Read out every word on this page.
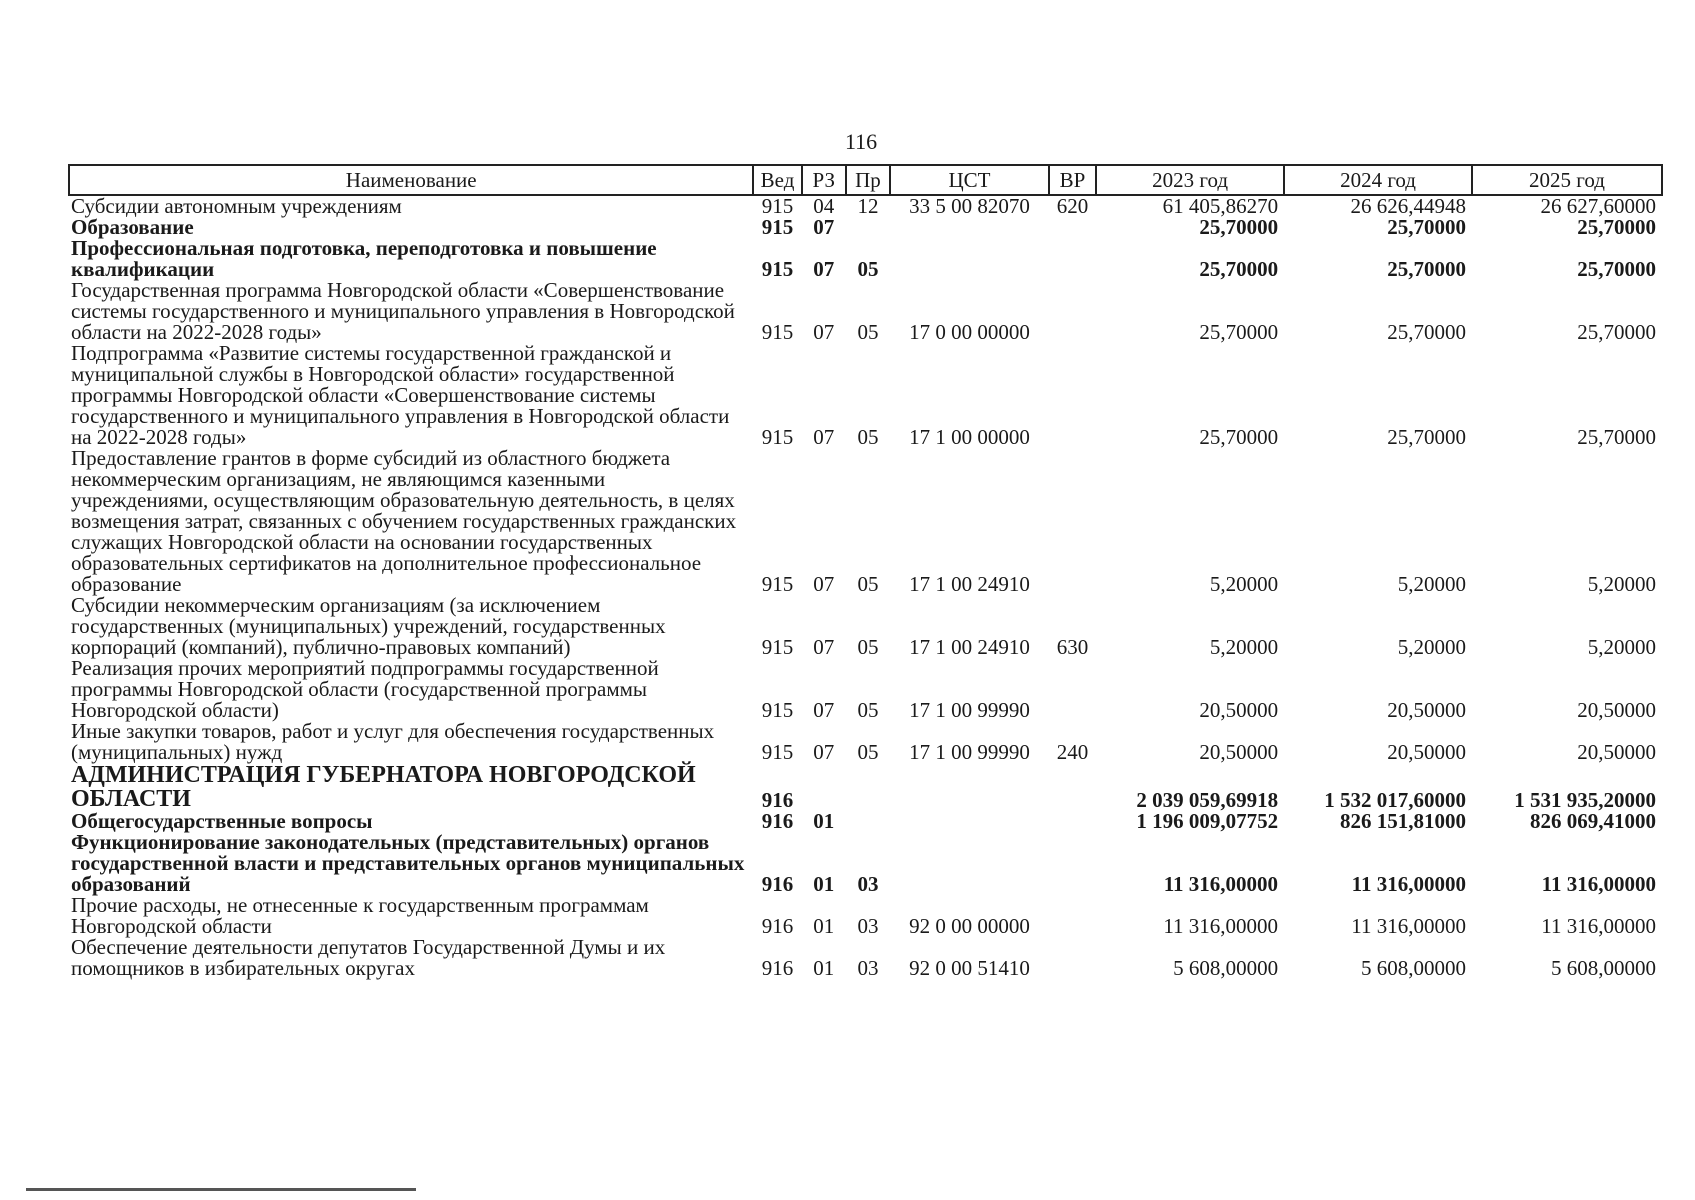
116
Наименование	Вед	РЗ	Пр	ЦСТ	ВР	2023 год	2024 год	2025 год
Субсидии автономным учреждениям	915	04	12	33 5 00 82070	620	61 405,86270	26 626,44948	26 627,60000
Образование	915	07				25,70000	25,70000	25,70000
Профессиональная подготовка, переподготовка и повышение квалификации	915	07	05			25,70000	25,70000	25,70000
Государственная программа Новгородской области «Совершенствование системы государственного и муниципального управления в Новгородской области на 2022-2028 годы»	915	07	05	17 0 00 00000		25,70000	25,70000	25,70000
Подпрограмма «Развитие системы государственной гражданской и муниципальной службы в Новгородской области» государственной программы Новгородской области «Совершенствование системы государственного и муниципального управления в Новгородской области на 2022-2028 годы»	915	07	05	17 1 00 00000		25,70000	25,70000	25,70000
Предоставление грантов в форме субсидий из областного бюджета некоммерческим организациям, не являющимся казенными учреждениями, осуществляющим образовательную деятельность, в целях возмещения затрат, связанных с обучением государственных гражданских служащих Новгородской области на основании государственных образовательных сертификатов на дополнительное профессиональное образование	915	07	05	17 1 00 24910		5,20000	5,20000	5,20000
Субсидии некоммерческим организациям (за исключением государственных (муниципальных) учреждений, государственных корпораций (компаний), публично-правовых компаний)	915	07	05	17 1 00 24910	630	5,20000	5,20000	5,20000
Реализация прочих мероприятий подпрограммы государственной программы Новгородской области (государственной программы Новгородской области)	915	07	05	17 1 00 99990		20,50000	20,50000	20,50000
Иные закупки товаров, работ и услуг для обеспечения государственных (муниципальных) нужд	915	07	05	17 1 00 99990	240	20,50000	20,50000	20,50000
АДМИНИСТРАЦИЯ ГУБЕРНАТОРА НОВГОРОДСКОЙ ОБЛАСТИ	916					2 039 059,69918	1 532 017,60000	1 531 935,20000
Общегосударственные вопросы	916	01				1 196 009,07752	826 151,81000	826 069,41000
Функционирование законодательных (представительных) органов государственной власти и представительных органов муниципальных образований	916	01	03			11 316,00000	11 316,00000	11 316,00000
Прочие расходы, не отнесенные к государственным программам Новгородской области	916	01	03	92 0 00 00000		11 316,00000	11 316,00000	11 316,00000
Обеспечение деятельности депутатов Государственной Думы и их помощников в избирательных округах	916	01	03	92 0 00 51410		5 608,00000	5 608,00000	5 608,00000
